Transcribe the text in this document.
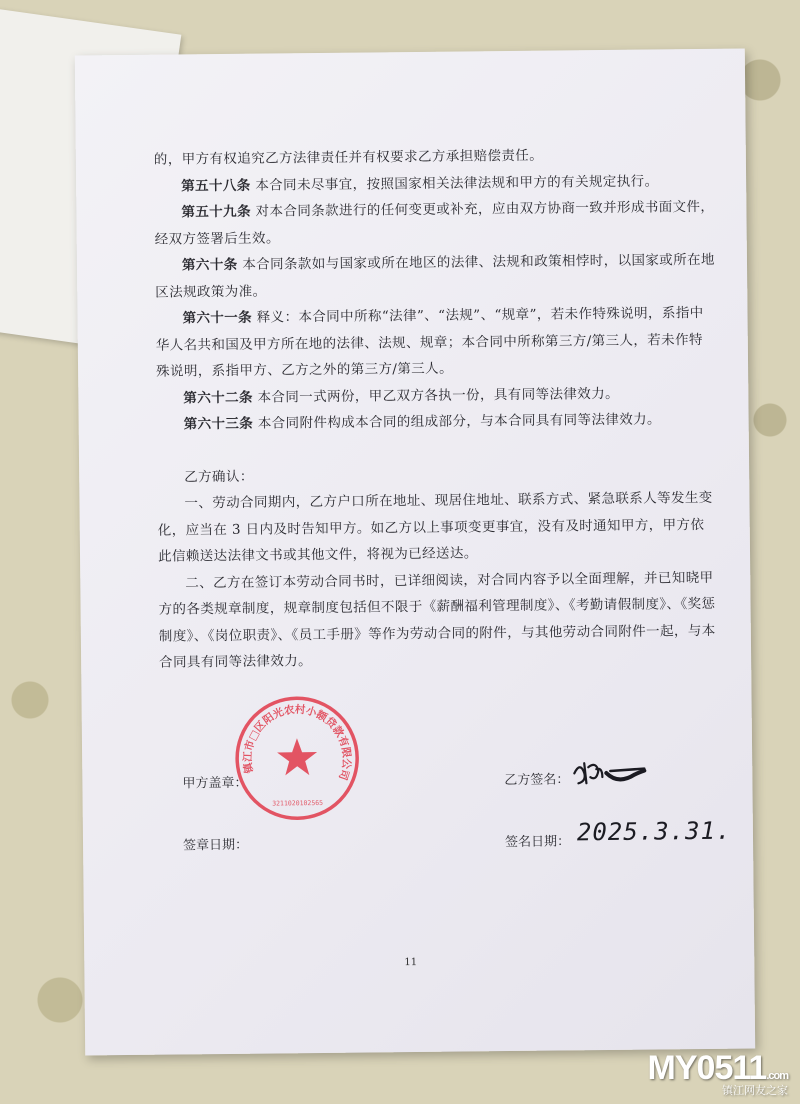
的，甲方有权追究乙方法律责任并有权要求乙方承担赔偿责任。

第五十八条 本合同未尽事宜，按照国家相关法律法规和甲方的有关规定执行。

第五十九条 对本合同条款进行的任何变更或补充，应由双方协商一致并形成书面文件，经双方签署后生效。

第六十条 本合同条款如与国家或所在地区的法律、法规和政策相悖时，以国家或所在地区法规政策为准。

第六十一条 释义：本合同中所称“法律”、“法规”、“规章”，若未作特殊说明，系指中华人名共和国及甲方所在地的法律、法规、规章；本合同中所称第三方/第三人，若未作特殊说明，系指甲方、乙方之外的第三方/第三人。

第六十二条 本合同一式两份，甲乙双方各执一份，具有同等法律效力。

第六十三条 本合同附件构成本合同的组成部分，与本合同具有同等法律效力。

乙方确认：

一、劳动合同期内，乙方户口所在地址、现居住地址、联系方式、紧急联系人等发生变化，应当在 3 日内及时告知甲方。如乙方以上事项变更事宜，没有及时通知甲方，甲方依此信赖送达法律文书或其他文件，将视为已经送达。

二、乙方在签订本劳动合同书时，已详细阅读，对合同内容予以全面理解，并已知晓甲方的各类规章制度，规章制度包括但不限于《薪酬福利管理制度》、《考勤请假制度》、《奖惩制度》、《岗位职责》、《员工手册》等作为劳动合同的附件，与其他劳动合同附件一起，与本合同具有同等法律效力。

甲方盖章：
签章日期：
乙方签名：
签名日期：
镇江市□区阳光农村小额贷款有限公司
3211020102565
2025.3.31.
11
MY0511.com
镇江网友之家
